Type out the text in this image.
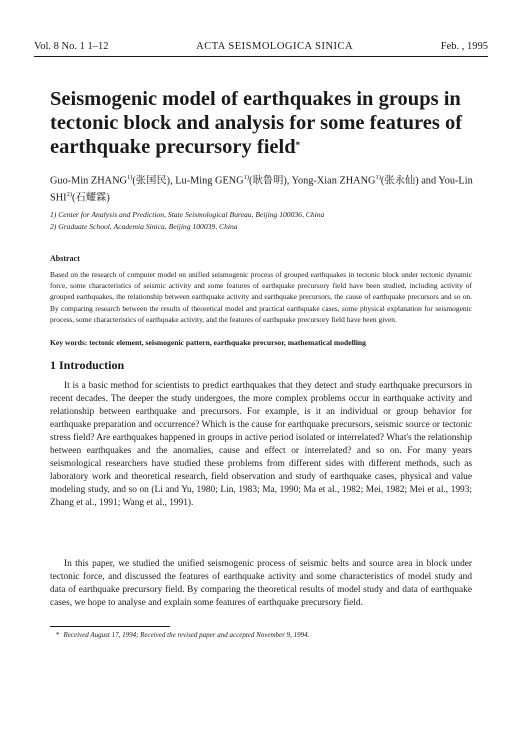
Vol. 8 No. 1 1–12	ACTA SEISMOLOGICA SINICA	Feb. , 1995
Seismogenic model of earthquakes in groups in tectonic block and analysis for some features of earthquake precursory field*
Guo-Min ZHANG$^{1)}$(张国民), Lu-Ming GENG$^{1)}$(耿鲁明), Yong-Xian ZHANG$^{1)}$(张永仙) and You-Lin SHI$^{2)}$(石耀霖)
1) Center for Analysis and Prediction, State Seismological Bureau, Beijing 100036, China
2) Graduate School, Academia Sinica, Beijing 100039, China
Abstract

Based on the research of computer model on unified seismogenic process of grouped earthquakes in tectonic block under tectonic dynamic force, some characteristics of seismic activity and some features of earthquake precursory field have been studied, including activity of grouped earthquakes, the relationship between earthquake activity and earthquake precursors, the cause of earthquake precursors and so on. By comparing research between the results of theoretical model and practical earthquake cases, some physical explanation for seismogenic process, some characteristics of earthquake activity, and the features of earthquake precursory field have been given.

Key words: tectonic element, seismogenic pattern, earthquake precursor, mathematical modelling

1 Introduction

It is a basic method for scientists to predict earthquakes that they detect and study earthquake precursors in recent decades. The deeper the study undergoes, the more complex problems occur in earthquake activity and relationship between earthquake and precursors. For example, is it an individual or group behavior for earthquake preparation and occurrence? Which is the cause for earthquake precursors, seismic source or tectonic stress field? Are earthquakes happened in groups in active period isolated or interrelated? What's the relationship between earthquakes and the anomalies, cause and effect or interrelated? and so on. For many years seismological researchers have studied these problems from different sides with different methods, such as laboratory work and theoretical research, field observation and study of earthquake cases, physical and value modeling study, and so on (Li and Yu, 1980; Lin, 1983; Ma, 1990; Ma et al., 1982; Mei, 1982; Mei et al., 1993; Zhang et al., 1991; Wang et al., 1991).

In this paper, we studied the unified seismogenic process of seismic belts and source area in block under tectonic force, and discussed the features of earthquake activity and some characteristics of model study and data of earthquake precursory field. By comparing the theoretical results of model study and data of earthquake cases, we hope to analyse and explain some features of earthquake precursory field.

* Received August 17, 1994; Received the revised paper and accepted November 9, 1994.
